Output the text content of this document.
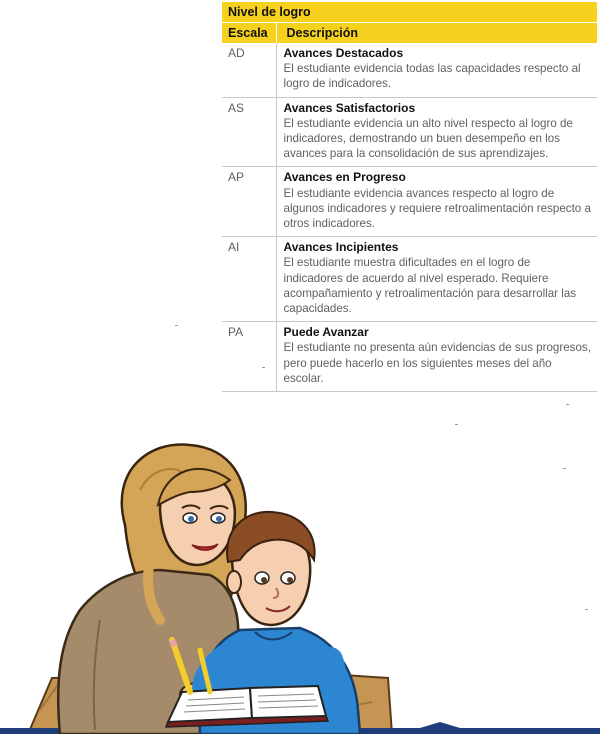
Nivel de logro	
Escala	Descripción
AD	Avances Destacados
El estudiante evidencia todas las capacidades respecto al logro de indicadores.

AS	Avances Satisfactorios
El estudiante evidencia un alto nivel respecto al logro de indicadores, demostrando un buen desempeño en los avances para la consolidación de sus aprendizajes.

AP	Avances en Progreso
El estudiante evidencia avances respecto al logro de algunos indicadores y requiere retroalimentación respecto a otros indicadores.

AI	Avances Incipientes
El estudiante muestra dificultades en el logro de indicadores de acuerdo al nivel esperado. Requiere acompañamiento y retroalimentación para desarrollar las capacidades.

PA	Puede Avanzar
El estudiante no presenta aún evidencias de sus progresos, pero puede hacerlo en los siguientes meses del año escolar.
